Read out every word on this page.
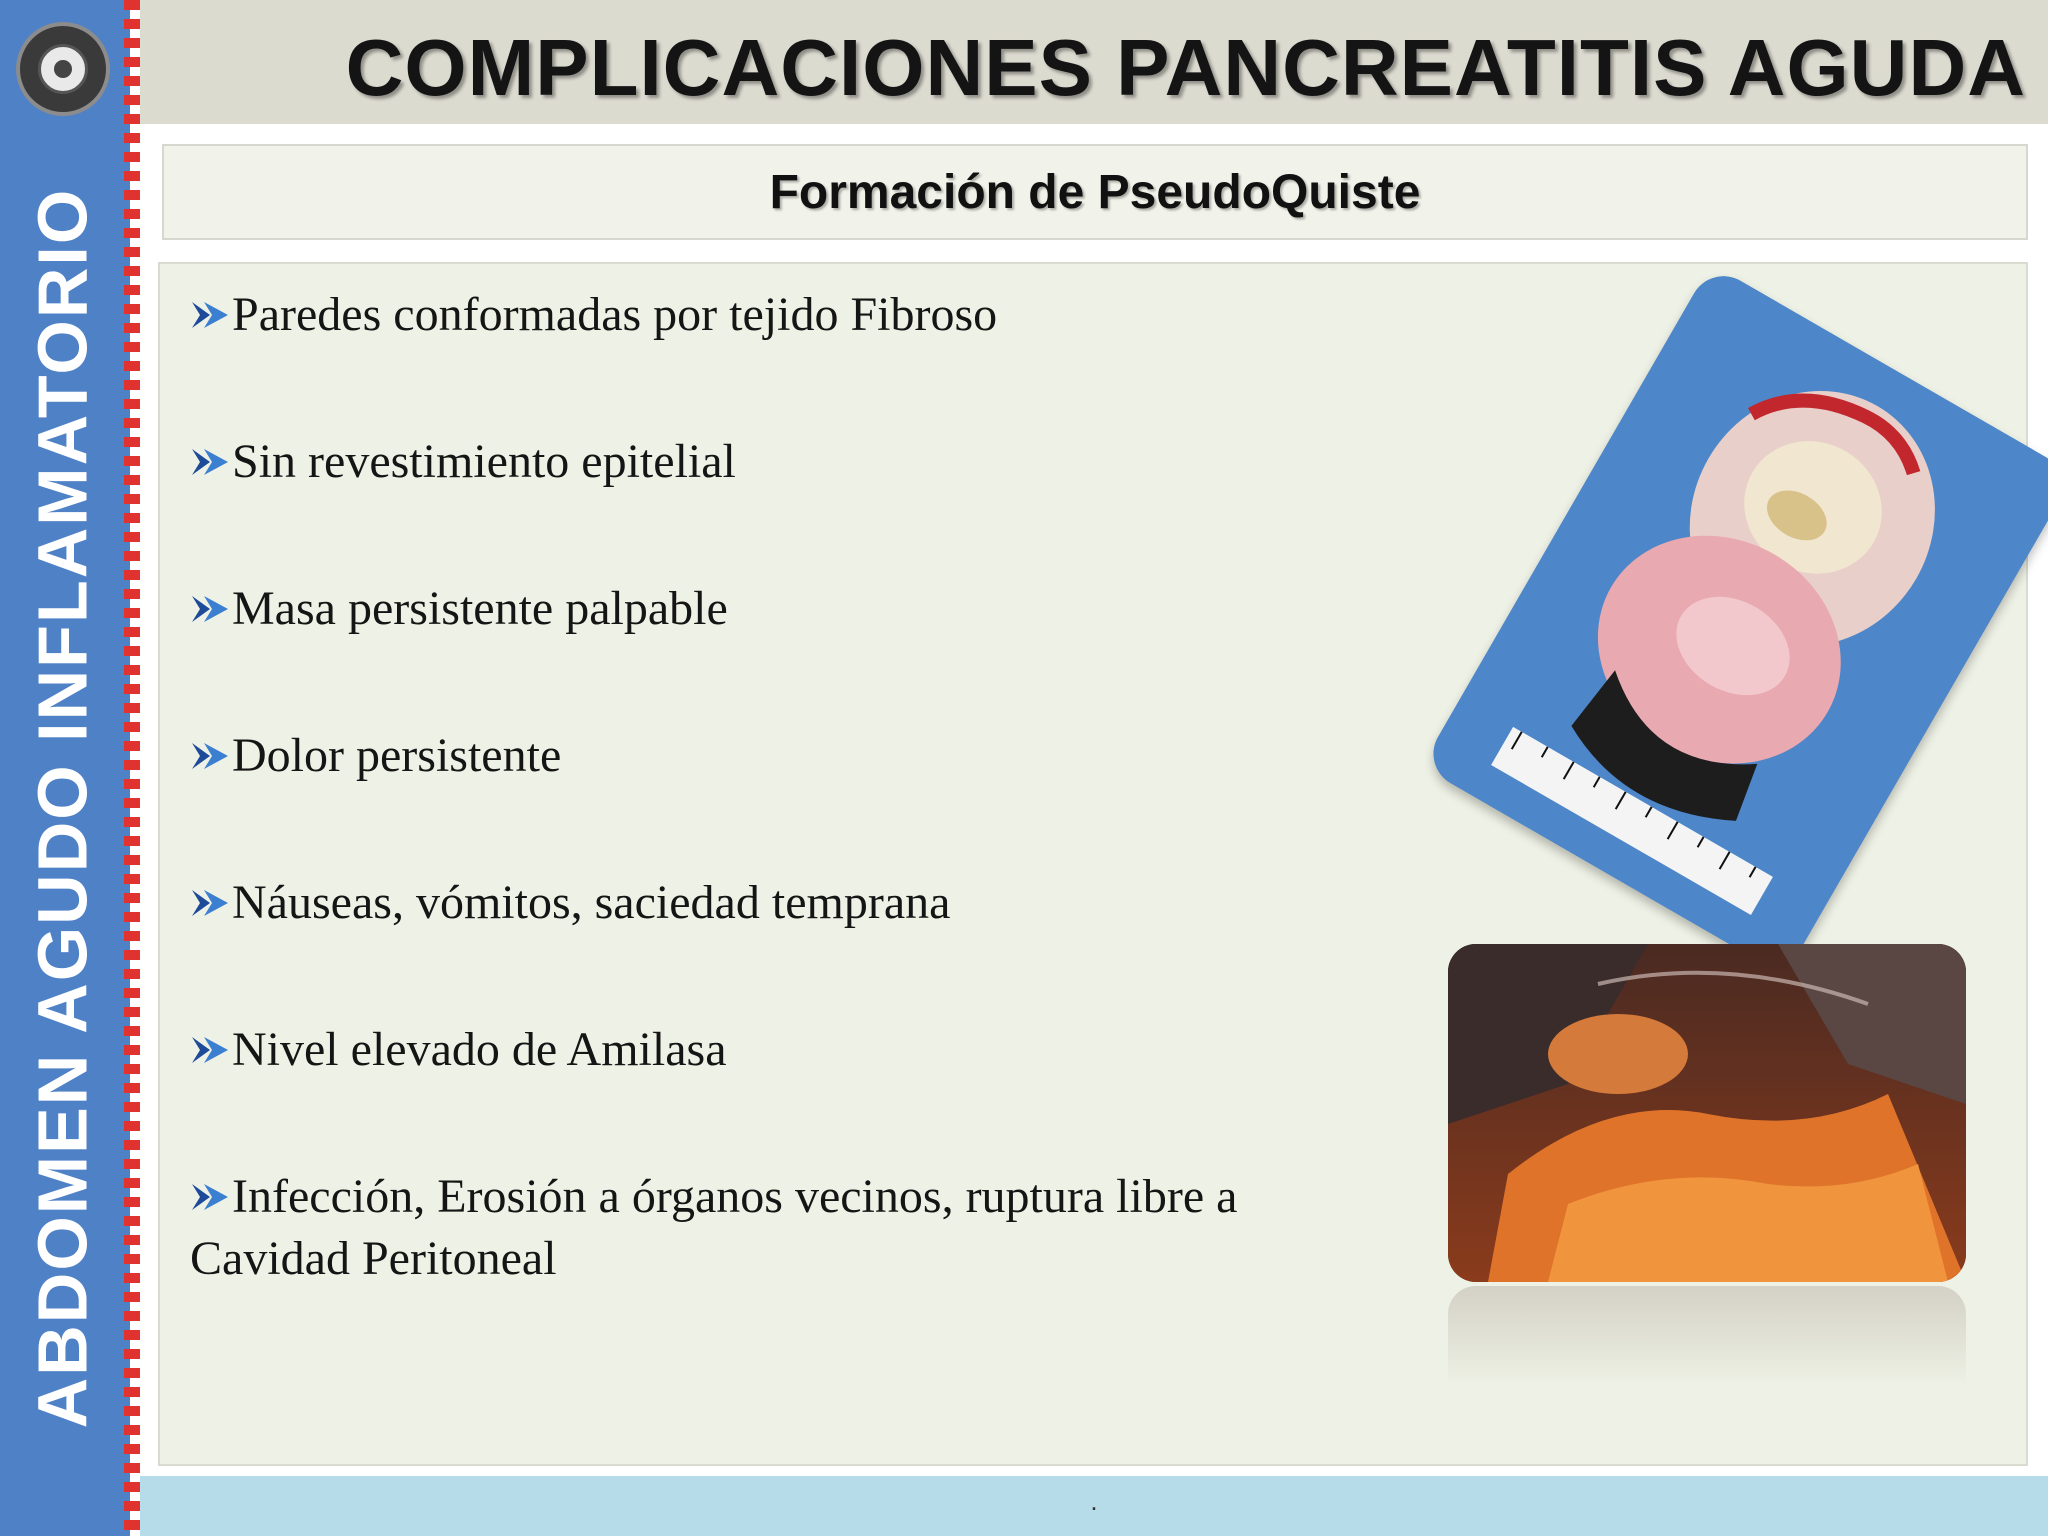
ABDOMEN AGUDO INFLAMATORIO
COMPLICACIONES PANCREATITIS AGUDA
Formación de PseudoQuiste
Paredes conformadas por tejido Fibroso
Sin revestimiento epitelial
Masa persistente palpable
Dolor persistente
Náuseas, vómitos, saciedad temprana
Nivel elevado de Amilasa
Infección, Erosión a órganos vecinos, ruptura libre a Cavidad Peritoneal
.
